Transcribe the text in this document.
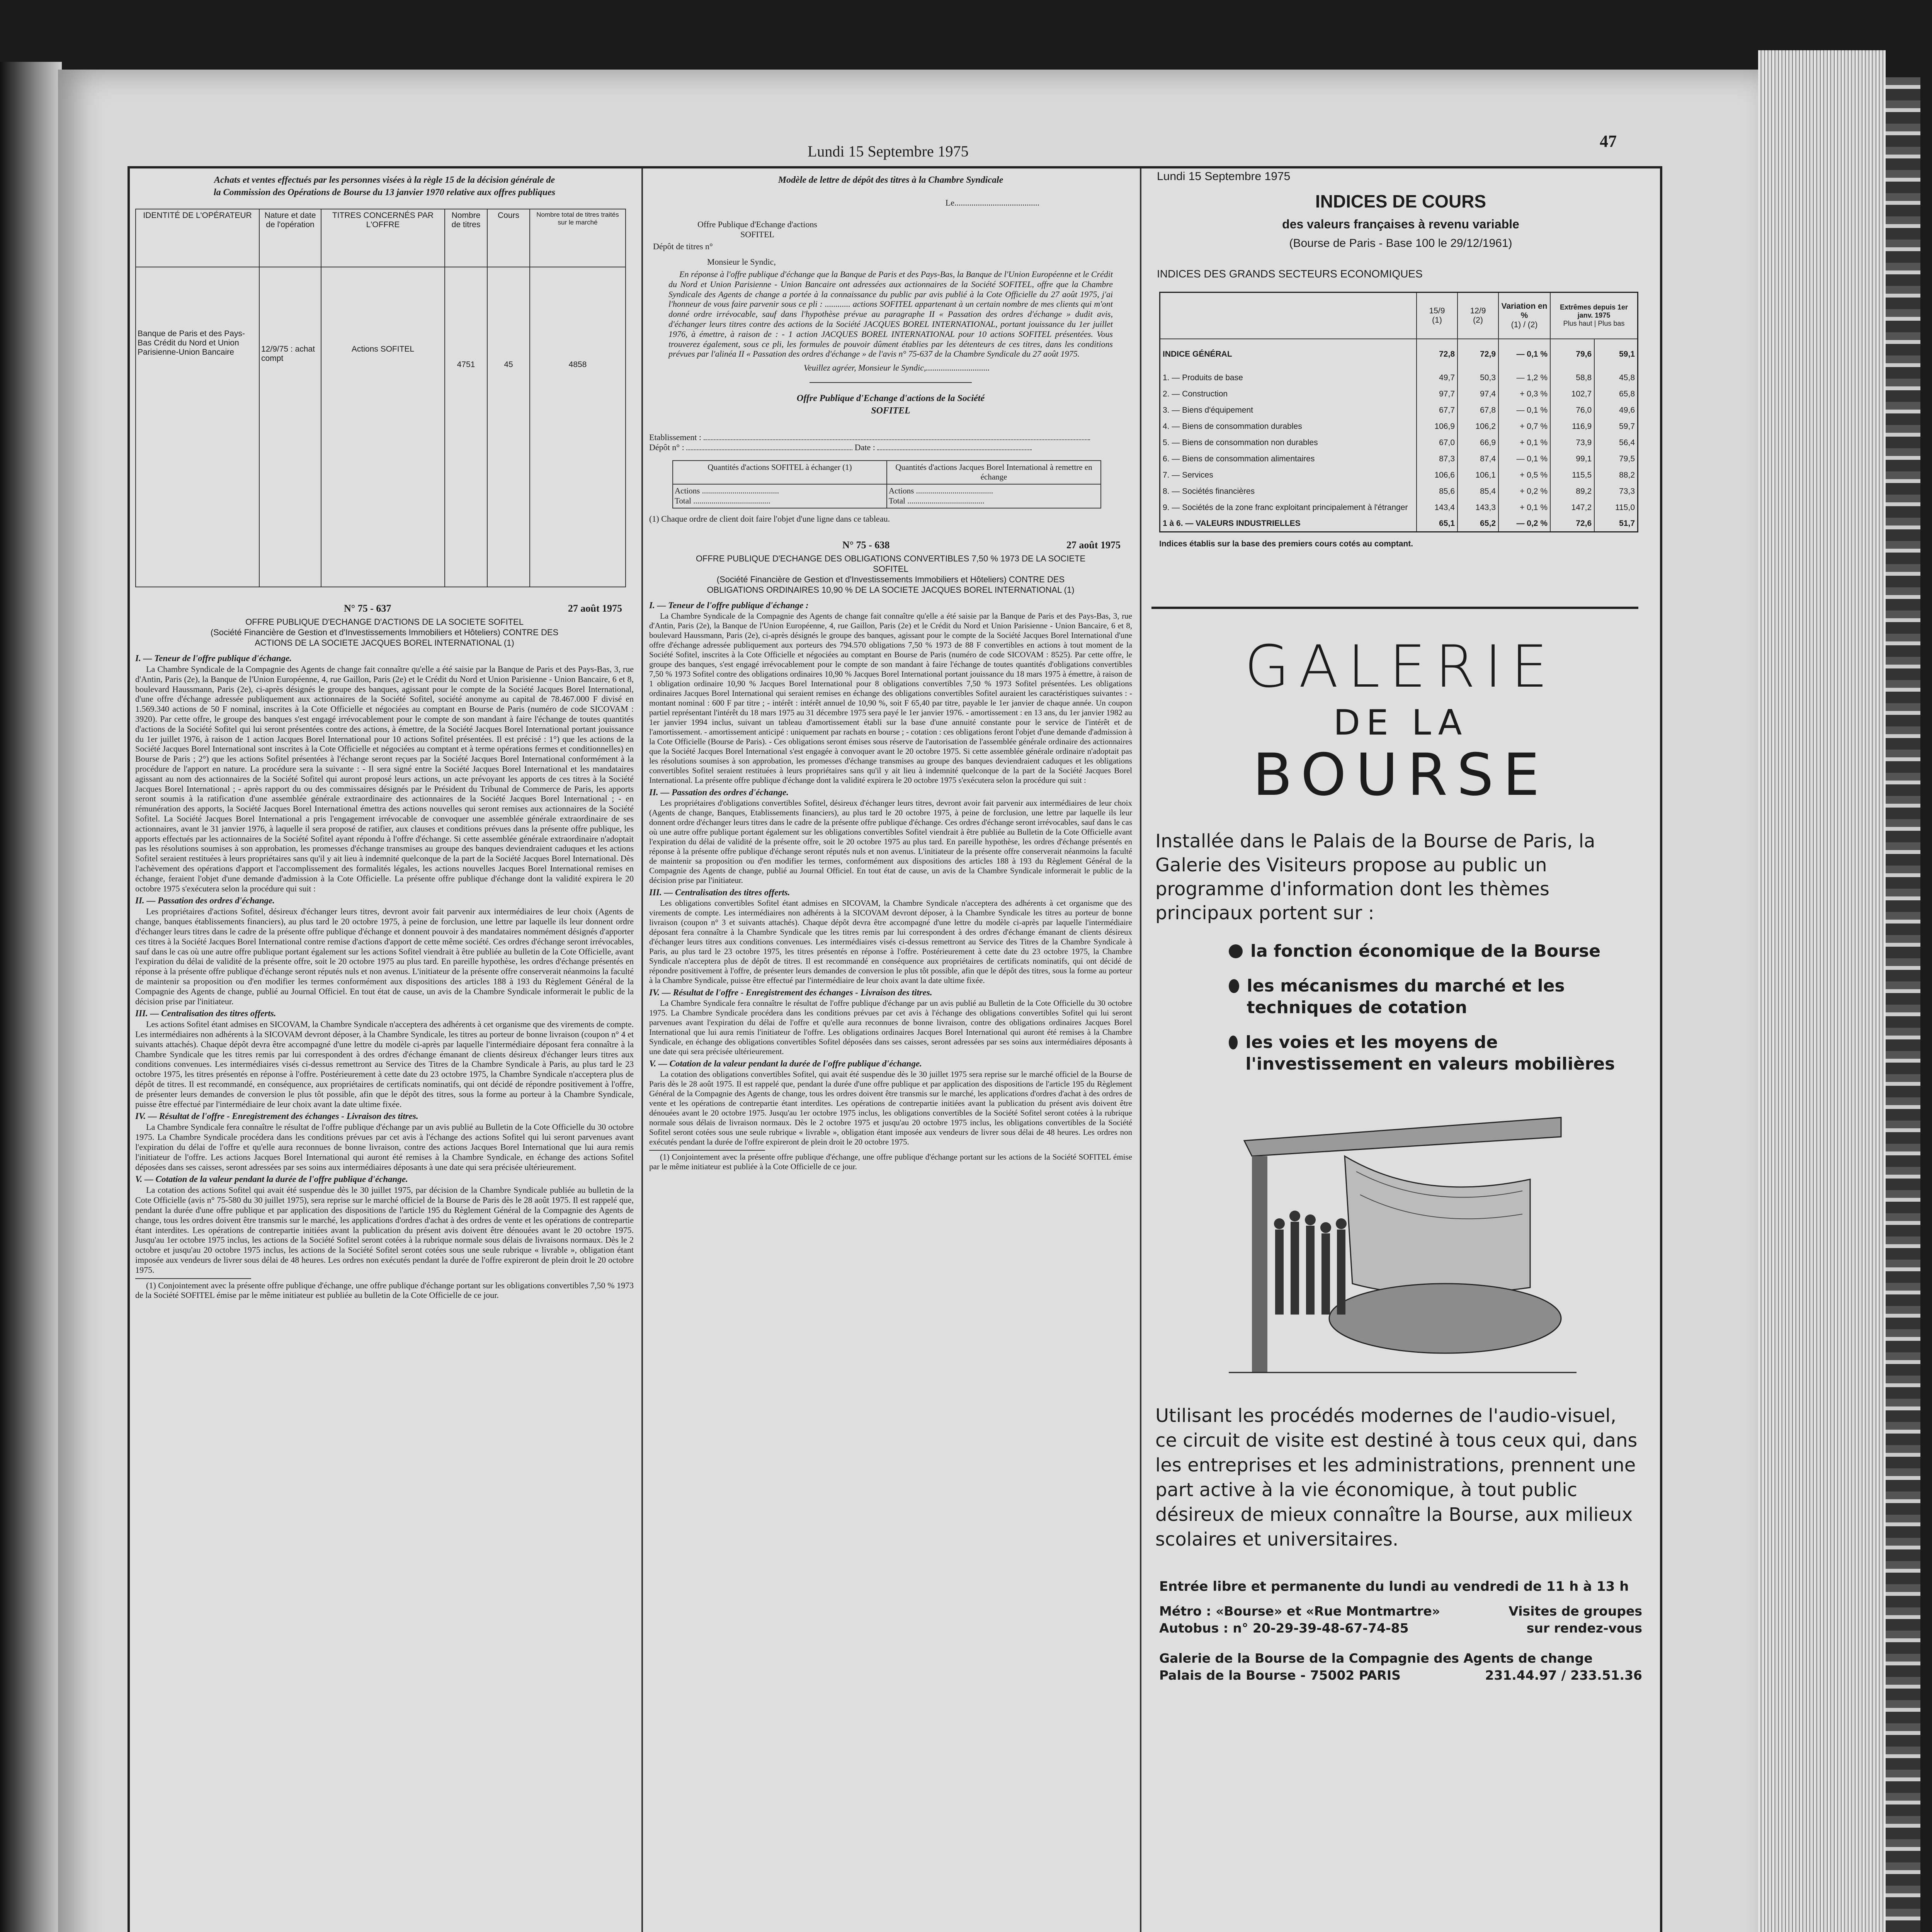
Lundi 15 Septembre 1975
47
Achats et ventes effectués par les personnes visées à la règle 15 de la décision générale de la Commission des Opérations de Bourse du 13 janvier 1970 relative aux offres publiques
IDENTITÉ DE L'OPÉRATEUR	Nature et date de l'opération	TITRES CONCERNÉS PAR L'OFFRE	Nombre de titres	Cours	Nombre total de titres traités sur le marché
Banque de Paris et des Pays-Bas Crédit du Nord et Union Parisienne-Union Bancaire	12/9/75 : achat compt	Actions SOFITEL	4751	45	4858
N° 75 - 637	27 août 1975
OFFRE PUBLIQUE D'ECHANGE D'ACTIONS DE LA SOCIETE SOFITEL
(Société Financière de Gestion et d'Investissements Immobiliers et Hôteliers) CONTRE DES ACTIONS DE LA SOCIETE JACQUES BOREL INTERNATIONAL (1)
I. — Teneur de l'offre publique d'échange.

La Chambre Syndicale de la Compagnie des Agents de change fait connaître qu'elle a été saisie par la Banque de Paris et des Pays-Bas, 3, rue d'Antin, Paris (2e), la Banque de l'Union Européenne, 4, rue Gaillon, Paris (2e) et le Crédit du Nord et Union Parisienne - Union Bancaire, 6 et 8, boulevard Haussmann, Paris (2e), ci-après désignés le groupe des banques, agissant pour le compte de la Société Jacques Borel International, d'une offre d'échange adressée publiquement aux actionnaires de la Société Sofitel, société anonyme au capital de 78.467.000 F divisé en 1.569.340 actions de 50 F nominal, inscrites à la Cote Officielle et négociées au comptant en Bourse de Paris (numéro de code SICOVAM : 3920). Par cette offre, le groupe des banques s'est engagé irrévocablement pour le compte de son mandant à faire l'échange de toutes quantités d'actions de la Société Sofitel qui lui seront présentées contre des actions, à émettre, de la Société Jacques Borel International portant jouissance du 1er juillet 1976, à raison de 1 action Jacques Borel International pour 10 actions Sofitel présentées. Il est précisé : 1°) que les actions de la Société Jacques Borel International sont inscrites à la Cote Officielle et négociées au comptant et à terme opérations fermes et conditionnelles) en Bourse de Paris ; 2°) que les actions Sofitel présentées à l'échange seront reçues par la Société Jacques Borel International conformément à la procédure de l'apport en nature. La procédure sera la suivante : - Il sera signé entre la Société Jacques Borel International et les mandataires agissant au nom des actionnaires de la Société Sofitel qui auront proposé leurs actions, un acte prévoyant les apports de ces titres à la Société Jacques Borel International ; - après rapport du ou des commissaires désignés par le Président du Tribunal de Commerce de Paris, les apports seront soumis à la ratification d'une assemblée générale extraordinaire des actionnaires de la Société Jacques Borel International ; - en rémunération des apports, la Société Jacques Borel International émettra des actions nouvelles qui seront remises aux actionnaires de la Société Sofitel. La Société Jacques Borel International a pris l'engagement irrévocable de convoquer une assemblée générale extraordinaire de ses actionnaires, avant le 31 janvier 1976, à laquelle il sera proposé de ratifier, aux clauses et conditions prévues dans la présente offre publique, les apports effectués par les actionnaires de la Société Sofitel ayant répondu à l'offre d'échange. Si cette assemblée générale extraordinaire n'adoptait pas les résolutions soumises à son approbation, les promesses d'échange transmises au groupe des banques deviendraient caduques et les actions Sofitel seraient restituées à leurs propriétaires sans qu'il y ait lieu à indemnité quelconque de la part de la Société Jacques Borel International. Dès l'achèvement des opérations d'apport et l'accomplissement des formalités légales, les actions nouvelles Jacques Borel International remises en échange, feraient l'objet d'une demande d'admission à la Cote Officielle. La présente offre publique d'échange dont la validité expirera le 20 octobre 1975 s'exécutera selon la procédure qui suit :

II. — Passation des ordres d'échange.

Les propriétaires d'actions Sofitel, désireux d'échanger leurs titres, devront avoir fait parvenir aux intermédiaires de leur choix (Agents de change, banques établissements financiers), au plus tard le 20 octobre 1975, à peine de forclusion, une lettre par laquelle ils leur donnent ordre d'échanger leurs titres dans le cadre de la présente offre publique d'échange et donnent pouvoir à des mandataires nommément désignés d'apporter ces titres à la Société Jacques Borel International contre remise d'actions d'apport de cette même société. Ces ordres d'échange seront irrévocables, sauf dans le cas où une autre offre publique portant également sur les actions Sofitel viendrait à être publiée au bulletin de la Cote Officielle, avant l'expiration du délai de validité de la présente offre, soit le 20 octobre 1975 au plus tard. En pareille hypothèse, les ordres d'échange présentés en réponse à la présente offre publique d'échange seront réputés nuls et non avenus. L'initiateur de la présente offre conserverait néanmoins la faculté de maintenir sa proposition ou d'en modifier les termes conformément aux dispositions des articles 188 à 193 du Règlement Général de la Compagnie des Agents de change, publié au Journal Officiel. En tout état de cause, un avis de la Chambre Syndicale informerait le public de la décision prise par l'initiateur.

III. — Centralisation des titres offerts.

Les actions Sofitel étant admises en SICOVAM, la Chambre Syndicale n'acceptera des adhérents à cet organisme que des virements de compte. Les intermédiaires non adhérents à la SICOVAM devront déposer, à la Chambre Syndicale, les titres au porteur de bonne livraison (coupon n° 4 et suivants attachés). Chaque dépôt devra être accompagné d'une lettre du modèle ci-après par laquelle l'intermédiaire déposant fera connaître à la Chambre Syndicale que les titres remis par lui correspondent à des ordres d'échange émanant de clients désireux d'échanger leurs titres aux conditions convenues. Les intermédiaires visés ci-dessus remettront au Service des Titres de la Chambre Syndicale à Paris, au plus tard le 23 octobre 1975, les titres présentés en réponse à l'offre. Postérieurement à cette date du 23 octobre 1975, la Chambre Syndicale n'acceptera plus de dépôt de titres. Il est recommandé, en conséquence, aux propriétaires de certificats nominatifs, qui ont décidé de répondre positivement à l'offre, de présenter leurs demandes de conversion le plus tôt possible, afin que le dépôt des titres, sous la forme au porteur à la Chambre Syndicale, puisse être effectué par l'intermédiaire de leur choix avant la date ultime fixée.

IV. — Résultat de l'offre - Enregistrement des échanges - Livraison des titres.

La Chambre Syndicale fera connaître le résultat de l'offre publique d'échange par un avis publié au Bulletin de la Cote Officielle du 30 octobre 1975. La Chambre Syndicale procédera dans les conditions prévues par cet avis à l'échange des actions Sofitel qui lui seront parvenues avant l'expiration du délai de l'offre et qu'elle aura reconnues de bonne livraison, contre des actions Jacques Borel International que lui aura remis l'initiateur de l'offre. Les actions Jacques Borel International qui auront été remises à la Chambre Syndicale, en échange des actions Sofitel déposées dans ses caisses, seront adressées par ses soins aux intermédiaires déposants à une date qui sera précisée ultérieurement.

V. — Cotation de la valeur pendant la durée de l'offre publique d'échange.

La cotation des actions Sofitel qui avait été suspendue dès le 30 juillet 1975, par décision de la Chambre Syndicale publiée au bulletin de la Cote Officielle (avis n° 75-580 du 30 juillet 1975), sera reprise sur le marché officiel de la Bourse de Paris dès le 28 août 1975. Il est rappelé que, pendant la durée d'une offre publique et par application des dispositions de l'article 195 du Règlement Général de la Compagnie des Agents de change, tous les ordres doivent être transmis sur le marché, les applications d'ordres d'achat à des ordres de vente et les opérations de contrepartie étant interdites. Les opérations de contrepartie initiées avant la publication du présent avis doivent être dénouées avant le 20 octobre 1975. Jusqu'au 1er octobre 1975 inclus, les actions de la Société Sofitel seront cotées à la rubrique normale sous délais de livraisons normaux. Dès le 2 octobre et jusqu'au 20 octobre 1975 inclus, les actions de la Société Sofitel seront cotées sous une seule rubrique « livrable », obligation étant imposée aux vendeurs de livrer sous délai de 48 heures. Les ordres non exécutés pendant la durée de l'offre expireront de plein droit le 20 octobre 1975.

(1) Conjointement avec la présente offre publique d'échange, une offre publique d'échange portant sur les obligations convertibles 7,50 % 1973 de la Société SOFITEL émise par le même initiateur est publiée au bulletin de la Cote Officielle de ce jour.

Modèle de lettre de dépôt des titres à la Chambre Syndicale
Le........................................
Offre Publique d'Echange d'actions SOFITEL
Dépôt de titres n°
Monsieur le Syndic,

En réponse à l'offre publique d'échange que la Banque de Paris et des Pays-Bas, la Banque de l'Union Européenne et le Crédit du Nord et Union Parisienne - Union Bancaire ont adressées aux actionnaires de la Société SOFITEL, offre que la Chambre Syndicale des Agents de change a portée à la connaissance du public par avis publié à la Cote Officielle du 27 août 1975, j'ai l'honneur de vous faire parvenir sous ce pli : ............ actions SOFITEL appartenant à un certain nombre de mes clients qui m'ont donné ordre irrévocable, sauf dans l'hypothèse prévue au paragraphe II « Passation des ordres d'échange » dudit avis, d'échanger leurs titres contre des actions de la Société JACQUES BOREL INTERNATIONAL, portant jouissance du 1er juillet 1976, à émettre, à raison de : - 1 action JACQUES BOREL INTERNATIONAL pour 10 actions SOFITEL présentées. Vous trouverez également, sous ce pli, les formules de pouvoir dûment établies par les détenteurs de ces titres, dans les conditions prévues par l'alinéa II « Passation des ordres d'échange » de l'avis n° 75-637 de la Chambre Syndicale du 27 août 1975.

Veuillez agréer, Monsieur le Syndic,..............................
Offre Publique d'Echange d'actions de la Société SOFITEL
Etablissement :
Dépôt n° :	Date :
Quantités d'actions SOFITEL à échanger (1)	Quantités d'actions Jacques Borel International à remettre en échange
Actions ......................................
Total ......................................	Actions ......................................
Total ......................................
(1) Chaque ordre de client doit faire l'objet d'une ligne dans ce tableau.
N° 75 - 638	27 août 1975
OFFRE PUBLIQUE D'ECHANGE DES OBLIGATIONS CONVERTIBLES 7,50 % 1973 DE LA SOCIETE SOFITEL
(Société Financière de Gestion et d'Investissements Immobiliers et Hôteliers) CONTRE DES OBLIGATIONS ORDINAIRES 10,90 % DE LA SOCIETE JACQUES BOREL INTERNATIONAL (1)
I. — Teneur de l'offre publique d'échange :

La Chambre Syndicale de la Compagnie des Agents de change fait connaître qu'elle a été saisie par la Banque de Paris et des Pays-Bas, 3, rue d'Antin, Paris (2e), la Banque de l'Union Européenne, 4, rue Gaillon, Paris (2e) et le Crédit du Nord et Union Parisienne - Union Bancaire, 6 et 8, boulevard Haussmann, Paris (2e), ci-après désignés le groupe des banques, agissant pour le compte de la Société Jacques Borel International d'une offre d'échange adressée publiquement aux porteurs des 794.570 obligations 7,50 % 1973 de 88 F convertibles en actions à tout moment de la Société Sofitel, inscrites à la Cote Officielle et négociées au comptant en Bourse de Paris (numéro de code SICOVAM : 8525). Par cette offre, le groupe des banques, s'est engagé irrévocablement pour le compte de son mandant à faire l'échange de toutes quantités d'obligations convertibles 7,50 % 1973 Sofitel contre des obligations ordinaires 10,90 % Jacques Borel International portant jouissance du 18 mars 1975 à émettre, à raison de 1 obligation ordinaire 10,90 % Jacques Borel International pour 8 obligations convertibles 7,50 % 1973 Sofitel présentées. Les obligations ordinaires Jacques Borel International qui seraient remises en échange des obligations convertibles Sofitel auraient les caractéristiques suivantes : - montant nominal : 600 F par titre ; - intérêt : intérêt annuel de 10,90 %, soit F 65,40 par titre, payable le 1er janvier de chaque année. Un coupon partiel représentant l'intérêt du 18 mars 1975 au 31 décembre 1975 sera payé le 1er janvier 1976. - amortissement : en 13 ans, du 1er janvier 1982 au 1er janvier 1994 inclus, suivant un tableau d'amortissement établi sur la base d'une annuité constante pour le service de l'intérêt et de l'amortissement. - amortissement anticipé : uniquement par rachats en bourse ; - cotation : ces obligations feront l'objet d'une demande d'admission à la Cote Officielle (Bourse de Paris). - Ces obligations seront émises sous réserve de l'autorisation de l'assemblée générale ordinaire des actionnaires que la Société Jacques Borel International s'est engagée à convoquer avant le 20 octobre 1975. Si cette assemblée générale ordinaire n'adoptait pas les résolutions soumises à son approbation, les promesses d'échange transmises au groupe des banques deviendraient caduques et les obligations convertibles Sofitel seraient restituées à leurs propriétaires sans qu'il y ait lieu à indemnité quelconque de la part de la Société Jacques Borel International. La présente offre publique d'échange dont la validité expirera le 20 octobre 1975 s'exécutera selon la procédure qui suit :

II. — Passation des ordres d'échange.

Les propriétaires d'obligations convertibles Sofitel, désireux d'échanger leurs titres, devront avoir fait parvenir aux intermédiaires de leur choix (Agents de change, Banques, Etablissements financiers), au plus tard le 20 octobre 1975, à peine de forclusion, une lettre par laquelle ils leur donnent ordre d'échanger leurs titres dans le cadre de la présente offre publique d'échange. Ces ordres d'échange seront irrévocables, sauf dans le cas où une autre offre publique portant également sur les obligations convertibles Sofitel viendrait à être publiée au Bulletin de la Cote Officielle avant l'expiration du délai de validité de la présente offre, soit le 20 octobre 1975 au plus tard. En pareille hypothèse, les ordres d'échange présentés en réponse à la présente offre publique d'échange seront réputés nuls et non avenus. L'initiateur de la présente offre conserverait néanmoins la faculté de maintenir sa proposition ou d'en modifier les termes, conformément aux dispositions des articles 188 à 193 du Règlement Général de la Compagnie des Agents de change, publié au Journal Officiel. En tout état de cause, un avis de la Chambre Syndicale informerait le public de la décision prise par l'initiateur.

III. — Centralisation des titres offerts.

Les obligations convertibles Sofitel étant admises en SICOVAM, la Chambre Syndicale n'acceptera des adhérents à cet organisme que des virements de compte. Les intermédiaires non adhérents à la SICOVAM devront déposer, à la Chambre Syndicale les titres au porteur de bonne livraison (coupon n° 3 et suivants attachés). Chaque dépôt devra être accompagné d'une lettre du modèle ci-après par laquelle l'intermédiaire déposant fera connaître à la Chambre Syndicale que les titres remis par lui correspondent à des ordres d'échange émanant de clients désireux d'échanger leurs titres aux conditions convenues. Les intermédiaires visés ci-dessus remettront au Service des Titres de la Chambre Syndicale à Paris, au plus tard le 23 octobre 1975, les titres présentés en réponse à l'offre. Postérieurement à cette date du 23 octobre 1975, la Chambre Syndicale n'acceptera plus de dépôt de titres. Il est recommandé en conséquence aux propriétaires de certificats nominatifs, qui ont décidé de répondre positivement à l'offre, de présenter leurs demandes de conversion le plus tôt possible, afin que le dépôt des titres, sous la forme au porteur à la Chambre Syndicale, puisse être effectué par l'intermédiaire de leur choix avant la date ultime fixée.

IV. — Résultat de l'offre - Enregistrement des échanges - Livraison des titres.

La Chambre Syndicale fera connaître le résultat de l'offre publique d'échange par un avis publié au Bulletin de la Cote Officielle du 30 octobre 1975. La Chambre Syndicale procédera dans les conditions prévues par cet avis à l'échange des obligations convertibles Sofitel qui lui seront parvenues avant l'expiration du délai de l'offre et qu'elle aura reconnues de bonne livraison, contre des obligations ordinaires Jacques Borel International que lui aura remis l'initiateur de l'offre. Les obligations ordinaires Jacques Borel International qui auront été remises à la Chambre Syndicale, en échange des obligations convertibles Sofitel déposées dans ses caisses, seront adressées par ses soins aux intermédiaires déposants à une date qui sera précisée ultérieurement.

V. — Cotation de la valeur pendant la durée de l'offre publique d'échange.

La cotation des obligations convertibles Sofitel, qui avait été suspendue dès le 30 juillet 1975 sera reprise sur le marché officiel de la Bourse de Paris dès le 28 août 1975. Il est rappelé que, pendant la durée d'une offre publique et par application des dispositions de l'article 195 du Règlement Général de la Compagnie des Agents de change, tous les ordres doivent être transmis sur le marché, les applications d'ordres d'achat à des ordres de vente et les opérations de contrepartie étant interdites. Les opérations de contrepartie initiées avant la publication du présent avis doivent être dénouées avant le 20 octobre 1975. Jusqu'au 1er octobre 1975 inclus, les obligations convertibles de la Société Sofitel seront cotées à la rubrique normale sous délais de livraison normaux. Dès le 2 octobre 1975 et jusqu'au 20 octobre 1975 inclus, les obligations convertibles de la Société Sofitel seront cotées sous une seule rubrique « livrable », obligation étant imposée aux vendeurs de livrer sous délai de 48 heures. Les ordres non exécutés pendant la durée de l'offre expireront de plein droit le 20 octobre 1975.

(1) Conjointement avec la présente offre publique d'échange, une offre publique d'échange portant sur les actions de la Société SOFITEL émise par le même initiateur est publiée à la Cote Officielle de ce jour.

Lundi 15 Septembre 1975
INDICES DE COURS
des valeurs françaises à revenu variable
(Bourse de Paris - Base 100 le 29/12/1961)
INDICES DES GRANDS SECTEURS ECONOMIQUES
	15/9
(1)	12/9
(2)	Variation en %
(1) / (2)	Extrêmes depuis 1er janv. 1975
Plus haut | Plus bas	
INDICE GÉNÉRAL	72,8	72,9	— 0,1 %	79,6	59,1
1. — Produits de base	49,7	50,3	— 1,2 %	58,8	45,8
2. — Construction	97,7	97,4	+ 0,3 %	102,7	65,8
3. — Biens d'équipement	67,7	67,8	— 0,1 %	76,0	49,6
4. — Biens de consommation durables	106,9	106,2	+ 0,7 %	116,9	59,7
5. — Biens de consommation non durables	67,0	66,9	+ 0,1 %	73,9	56,4
6. — Biens de consommation alimentaires	87,3	87,4	— 0,1 %	99,1	79,5
7. — Services	106,6	106,1	+ 0,5 %	115,5	88,2
8. — Sociétés financières	85,6	85,4	+ 0,2 %	89,2	73,3
9. — Sociétés de la zone franc exploitant principalement à l'étranger	143,4	143,3	+ 0,1 %	147,2	115,0
1 à 6. — VALEURS INDUSTRIELLES	65,1	65,2	— 0,2 %	72,6	51,7
Indices établis sur la base des premiers cours cotés au comptant.
GALERIE
DE LA
BOURSE
Installée dans le Palais de la Bourse de Paris, la Galerie des Visiteurs propose au public un programme d'information dont les thèmes principaux portent sur :
la fonction économique de la Bourse
les mécanismes du marché et les techniques de cotation
les voies et les moyens de l'investissement en valeurs mobilières
Utilisant les procédés modernes de l'audio-visuel, ce circuit de visite est destiné à tous ceux qui, dans les entreprises et les administrations, prennent une part active à la vie économique, à tout public désireux de mieux connaître la Bourse, aux milieux scolaires et universitaires.
Entrée libre et permanente du lundi au vendredi de 11 h à 13 h
Métro : «Bourse» et «Rue Montmartre»
Autobus : n° 20-29-39-48-67-74-85
Visites de groupes
sur rendez-vous
Galerie de la Bourse de la Compagnie des Agents de change
Palais de la Bourse - 75002 PARIS	231.44.97 / 233.51.36
